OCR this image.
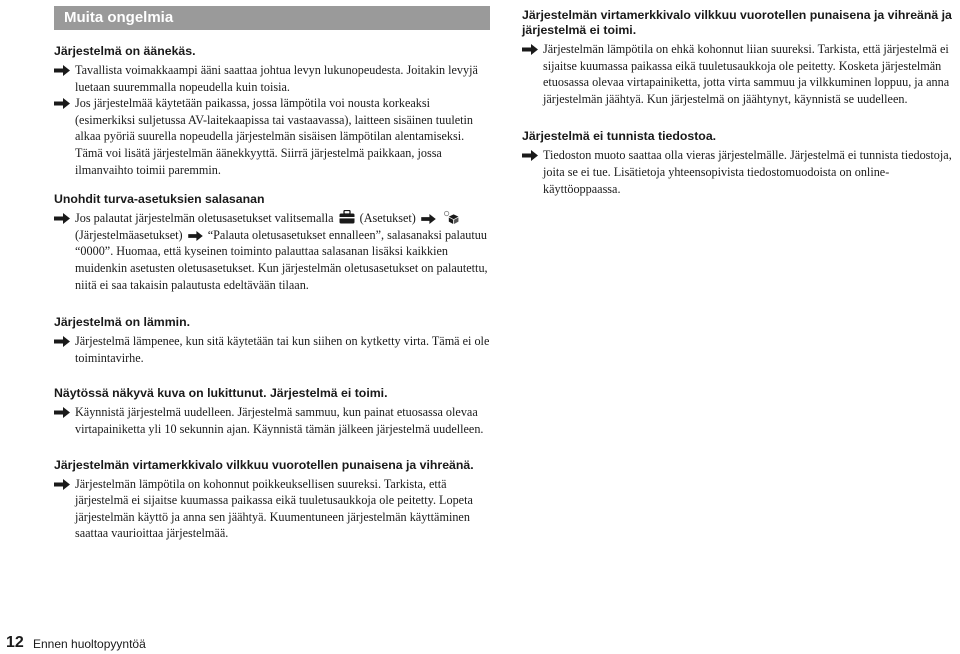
Muita ongelmia
Järjestelmä on äänekäs.

Tavallista voimakkaampi ääni saattaa johtua levyn lukunopeudesta. Joitakin levyjä luetaan suuremmalla nopeudella kuin toisia.

Jos järjestelmää käytetään paikassa, jossa lämpötila voi nousta korkeaksi (esimerkiksi suljetussa AV-laitekaapissa tai vastaavassa), laitteen sisäinen tuuletin alkaa pyöriä suurella nopeudella järjestelmän sisäisen lämpötilan alentamiseksi. Tämä voi lisätä järjestelmän äänekkyyttä. Siirrä järjestelmä paikkaan, jossa ilmanvaihto toimii paremmin.

Unohdit turva-asetuksien salasanan

Jos palautat järjestelmän oletusasetukset valitsemalla (Asetukset)   (Järjestelmäasetukset) “Palauta oletusasetukset ennalleen”, salasanaksi palautuu “0000”. Huomaa, että kyseinen toiminto palauttaa salasanan lisäksi kaikkien muidenkin asetusten oletusasetukset. Kun järjestelmän oletusasetukset on palautettu, niitä ei saa takaisin palautusta edeltävään tilaan.

Järjestelmä on lämmin.

Järjestelmä lämpenee, kun sitä käytetään tai kun siihen on kytketty virta. Tämä ei ole toimintavirhe.

Näytössä näkyvä kuva on lukittunut. Järjestelmä ei toimi.

Käynnistä järjestelmä uudelleen. Järjestelmä sammuu, kun painat etuosassa olevaa virtapainiketta yli 10 sekunnin ajan. Käynnistä tämän jälkeen järjestelmä uudelleen.

Järjestelmän virtamerkkivalo vilkkuu vuorotellen punaisena ja vihreänä.

Järjestelmän lämpötila on kohonnut poikkeuksellisen suureksi. Tarkista, että järjestelmä ei sijaitse kuumassa paikassa eikä tuuletusaukkoja ole peitetty. Lopeta järjestelmän käyttö ja anna sen jäähtyä. Kuumentuneen järjestelmän käyttäminen saattaa vaurioittaa järjestelmää.

Järjestelmän virtamerkkivalo vilkkuu vuorotellen punaisena ja vihreänä ja järjestelmä ei toimi.

Järjestelmän lämpötila on ehkä kohonnut liian suureksi. Tarkista, että järjestelmä ei sijaitse kuumassa paikassa eikä tuuletusaukkoja ole peitetty. Kosketa järjestelmän etuosassa olevaa virtapainiketta, jotta virta sammuu ja vilkkuminen loppuu, ja anna järjestelmän jäähtyä. Kun järjestelmä on jäähtynyt, käynnistä se uudelleen.

Järjestelmä ei tunnista tiedostoa.

Tiedoston muoto saattaa olla vieras järjestelmälle. Järjestelmä ei tunnista tiedostoja, joita se ei tue. Lisätietoja yhteensopivista tiedostomuodoista on online-käyttöoppaassa.

12 Ennen huoltopyyntöä
